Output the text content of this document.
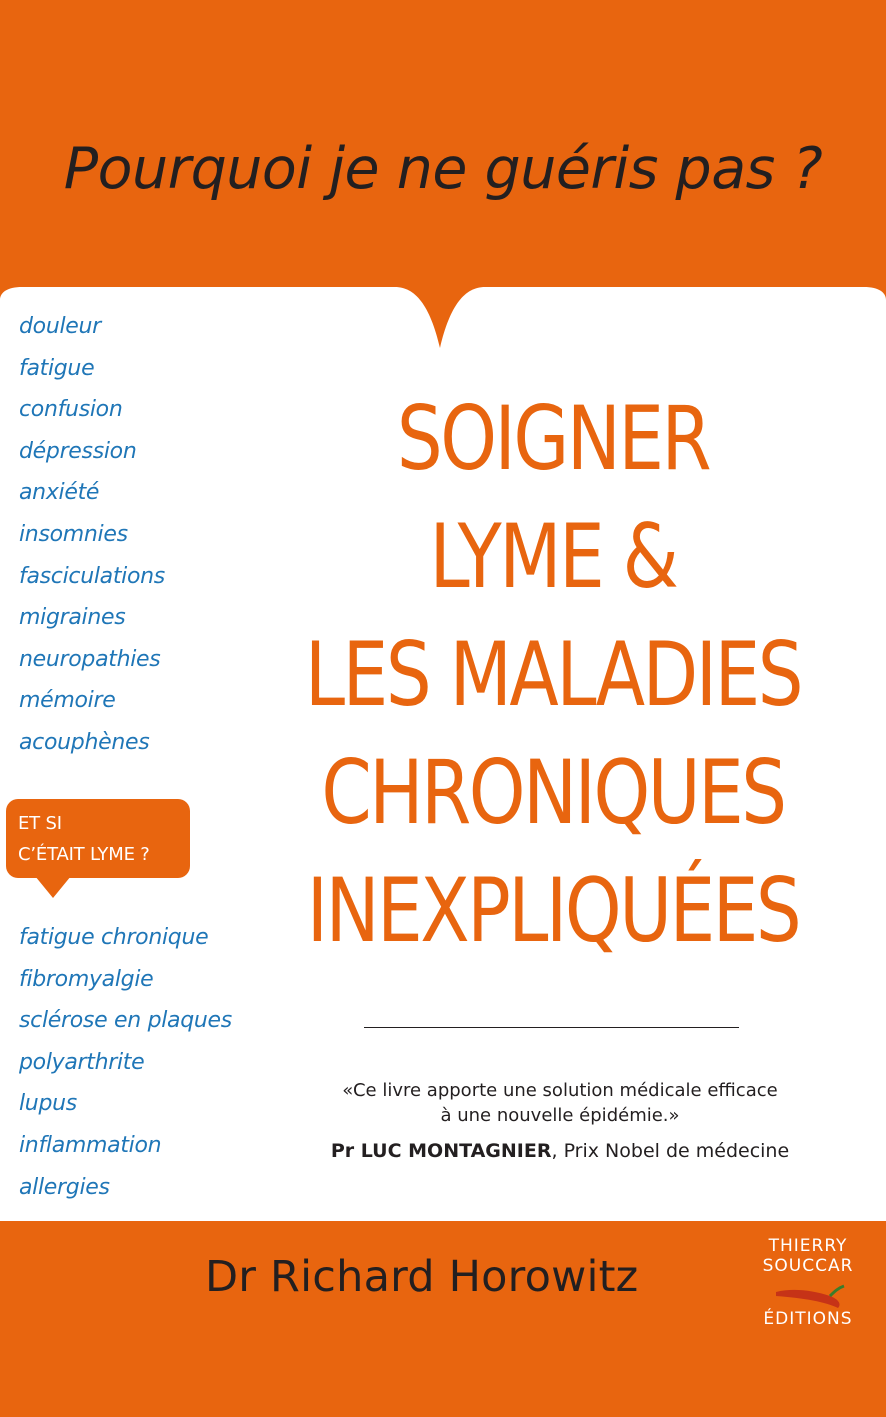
Pourquoi je ne guéris pas ?
douleur
fatigue
confusion
dépression
anxiété
insomnies
fasciculations
migraines
neuropathies
mémoire
acouphènes
ET SI
C’ÉTAIT LYME ?
fatigue chronique
fibromyalgie
sclérose en plaques
polyarthrite
lupus
inflammation
allergies
SOIGNER
LYME &
LES MALADIES
CHRONIQUES
INEXPLIQUÉES
«Ce livre apporte une solution médicale efficace
à une nouvelle épidémie.»
Pr LUC MONTAGNIER, Prix Nobel de médecine
Dr Richard Horowitz
THIERRY
SOUCCAR
ÉDITIONS
